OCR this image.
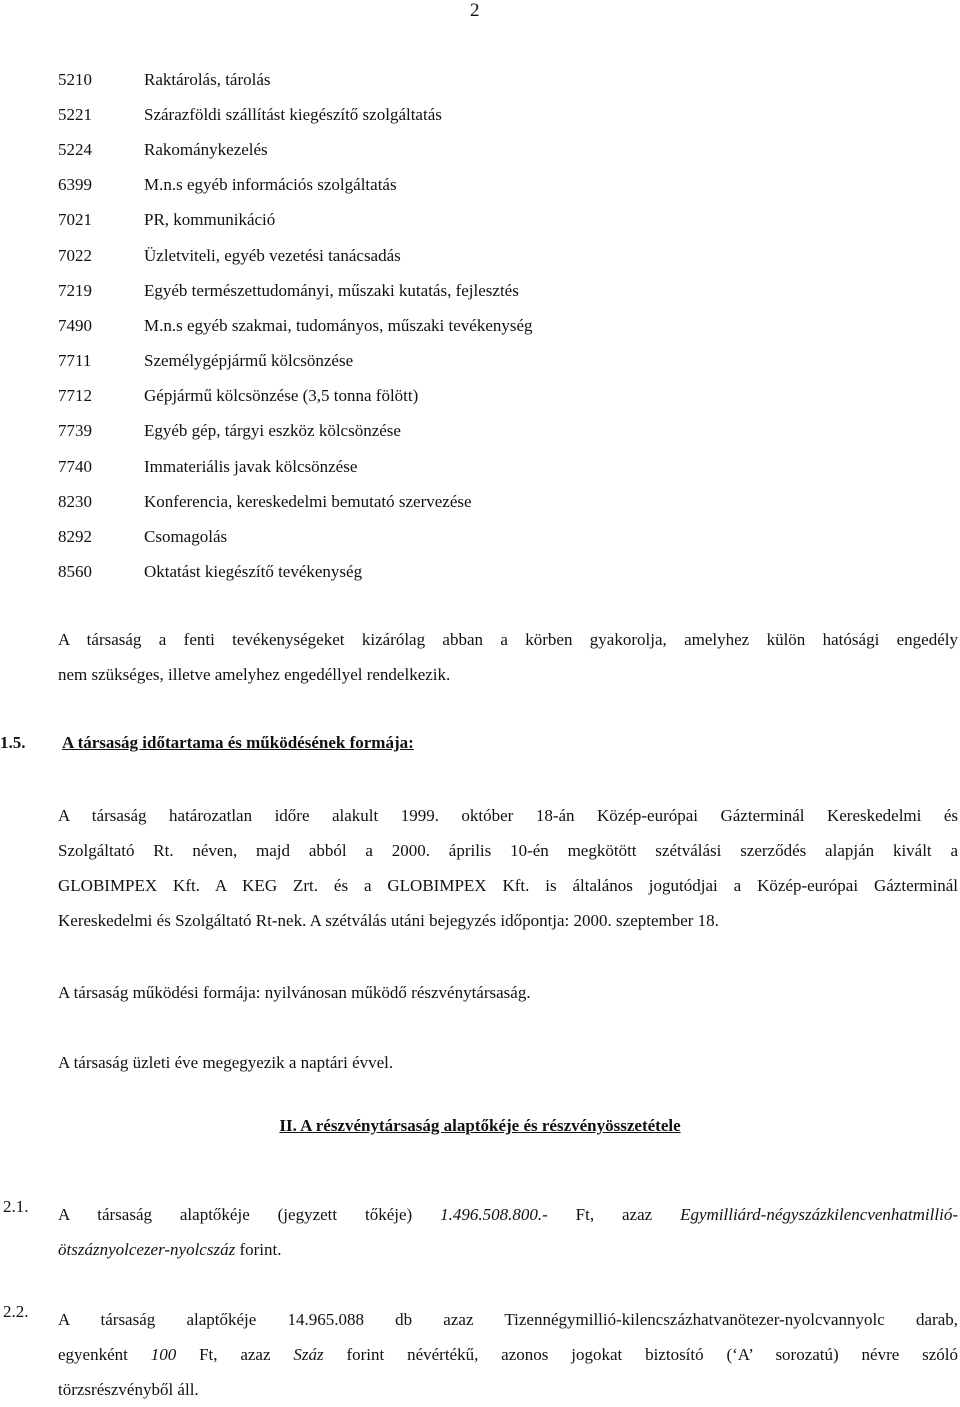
2
5210	Raktárolás, tárolás
5221	Szárazföldi szállítást kiegészítő szolgáltatás
5224	Rakománykezelés
6399	M.n.s egyéb információs szolgáltatás
7021	PR, kommunikáció
7022	Üzletviteli, egyéb vezetési tanácsadás
7219	Egyéb természettudományi, műszaki kutatás, fejlesztés
7490	M.n.s egyéb szakmai, tudományos, műszaki tevékenység
7711	Személygépjármű kölcsönzése
7712	Gépjármű kölcsönzése (3,5 tonna fölött)
7739	Egyéb gép, tárgyi eszköz kölcsönzése
7740	Immateriális javak kölcsönzése
8230	Konferencia, kereskedelmi bemutató szervezése
8292	Csomagolás
8560	Oktatást kiegészítő tevékenység
A társaság a fenti tevékenységeket kizárólag abban a körben gyakorolja, amelyhez külön hatósági engedély
nem szükséges, illetve amelyhez engedéllyel rendelkezik.
1.5. A társaság időtartama és működésének formája:
A társaság határozatlan időre alakult 1999. október 18-án Közép-európai Gázterminál Kereskedelmi és
Szolgáltató Rt. néven, majd abból a 2000. április 10-én megkötött szétválási szerződés alapján kivált a
GLOBIMPEX Kft. A KEG Zrt. és a GLOBIMPEX Kft. is általános jogutódjai a Közép-európai Gázterminál
Kereskedelmi és Szolgáltató Rt-nek. A szétválás utáni bejegyzés időpontja: 2000. szeptember 18.
A társaság működési formája: nyilvánosan működő részvénytársaság.
A társaság üzleti éve megegyezik a naptári évvel.
II. A részvénytársaság alaptőkéje és részvényösszetétele
2.1. A társaság alaptőkéje (jegyzett tőkéje) 1.496.508.800.- Ft, azaz Egymilliárd-négyszázkilencvenhatmillió-
ötszáznyolcezer-nyolcszáz forint.
2.2. A társaság alaptőkéje 14.965.088 db azaz Tizennégymillió-kilencszázhatvanötezer-nyolcvannyolc darab,
egyenként 100 Ft, azaz Száz forint névértékű, azonos jogokat biztosító (‘A’ sorozatú) névre szóló
törzsrészvényből áll.
